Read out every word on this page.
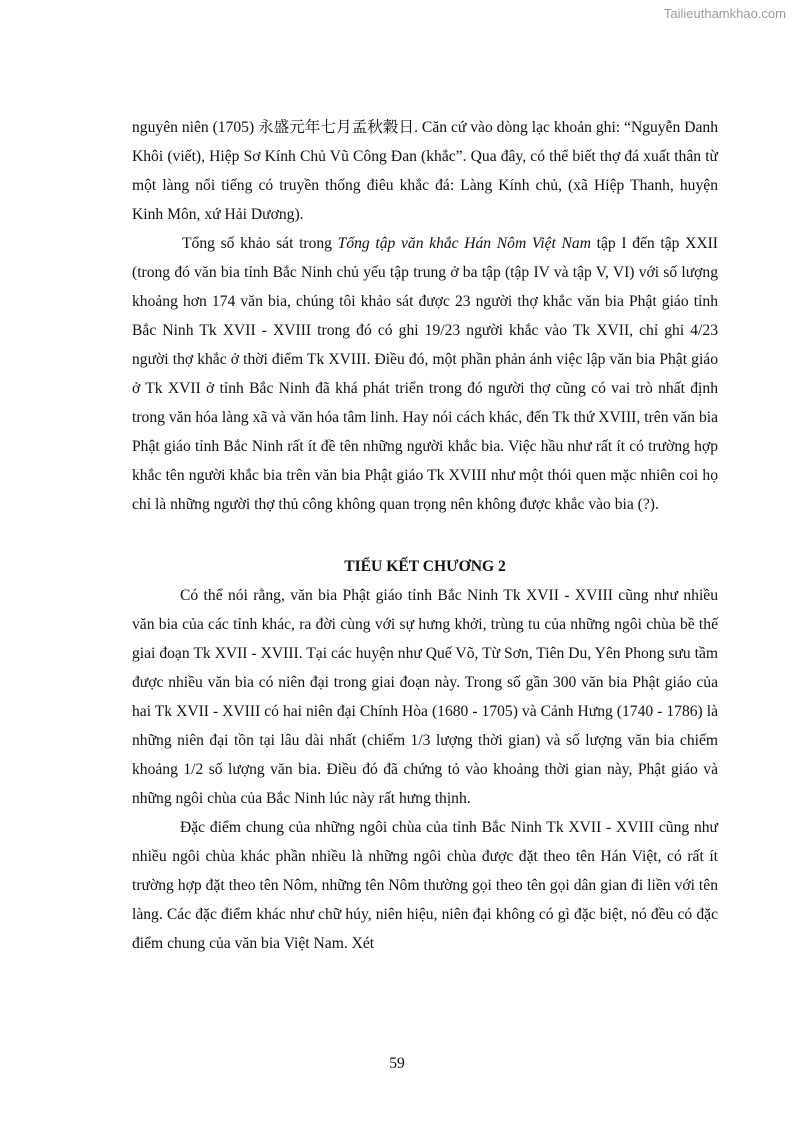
Tailieuthamkhao.com

nguyên niên (1705) 永盛元年七月孟秋穀日. Căn cứ vào dòng lạc khoản ghi: “Nguyễn Danh Khôi (viết), Hiệp Sơ Kính Chủ Vũ Công Đan (khắc”. Qua đây, có thể biết thợ đá xuất thân từ một làng nổi tiếng có truyền thống điêu khắc đá: Làng Kính chủ, (xã Hiệp Thanh, huyện Kinh Môn, xứ Hải Dương).

Tổng số khảo sát trong Tổng tập văn khắc Hán Nôm Việt Nam tập I đến tập XXII (trong đó văn bia tỉnh Bắc Ninh chủ yếu tập trung ở ba tập (tập IV và tập V, VI) với số lượng khoảng hơn 174 văn bia, chúng tôi khảo sát được 23 người thợ khắc văn bia Phật giáo tỉnh Bắc Ninh Tk XVII - XVIII trong đó có ghi 19/23 người khắc vào Tk XVII, chỉ ghi 4/23 người thợ khắc ở thời điểm Tk XVIII. Điều đó, một phần phản ánh việc lập văn bia Phật giáo ở Tk XVII ở tỉnh Bắc Ninh đã khá phát triển trong đó người thợ cũng có vai trò nhất định trong văn hóa làng xã và văn hóa tâm linh. Hay nói cách khác, đến Tk thứ XVIII, trên văn bia Phật giáo tỉnh Bắc Ninh rất ít đề tên những người khắc bia. Việc hầu như rất ít có trường hợp khắc tên người khắc bia trên văn bia Phật giáo Tk XVIII như một thói quen mặc nhiên coi họ chỉ là những người thợ thủ công không quan trọng nên không được khắc vào bia (?).

TIỂU KẾT CHƯƠNG 2

Có thể nói rằng, văn bia Phật giáo tỉnh Bắc Ninh Tk XVII - XVIII cũng như nhiều văn bia của các tỉnh khác, ra đời cùng với sự hưng khởi, trùng tu của những ngôi chùa bề thế giai đoạn Tk XVII - XVIII. Tại các huyện như Quế Võ, Từ Sơn, Tiên Du, Yên Phong sưu tầm được nhiều văn bia có niên đại trong giai đoạn này. Trong số gần 300 văn bia Phật giáo của hai Tk XVII - XVIII có hai niên đại Chính Hòa (1680 - 1705) và Cảnh Hưng (1740 - 1786) là những niên đại tồn tại lâu dài nhất (chiếm 1/3 lượng thời gian) và số lượng văn bia chiếm khoảng 1/2 số lượng văn bia. Điều đó đã chứng tỏ vào khoảng thời gian này, Phật giáo và những ngôi chùa của Bắc Ninh lúc này rất hưng thịnh.

Đặc điểm chung của những ngôi chùa của tỉnh Bắc Ninh Tk XVII - XVIII cũng như nhiều ngôi chùa khác phần nhiều là những ngôi chùa được đặt theo tên Hán Việt, có rất ít trường hợp đặt theo tên Nôm, những tên Nôm thường gọi theo tên gọi dân gian đi liền với tên làng. Các đặc điểm khác như chữ húy, niên hiệu, niên đại không có gì đặc biệt, nó đều có đặc điểm chung của văn bia Việt Nam. Xét

59
